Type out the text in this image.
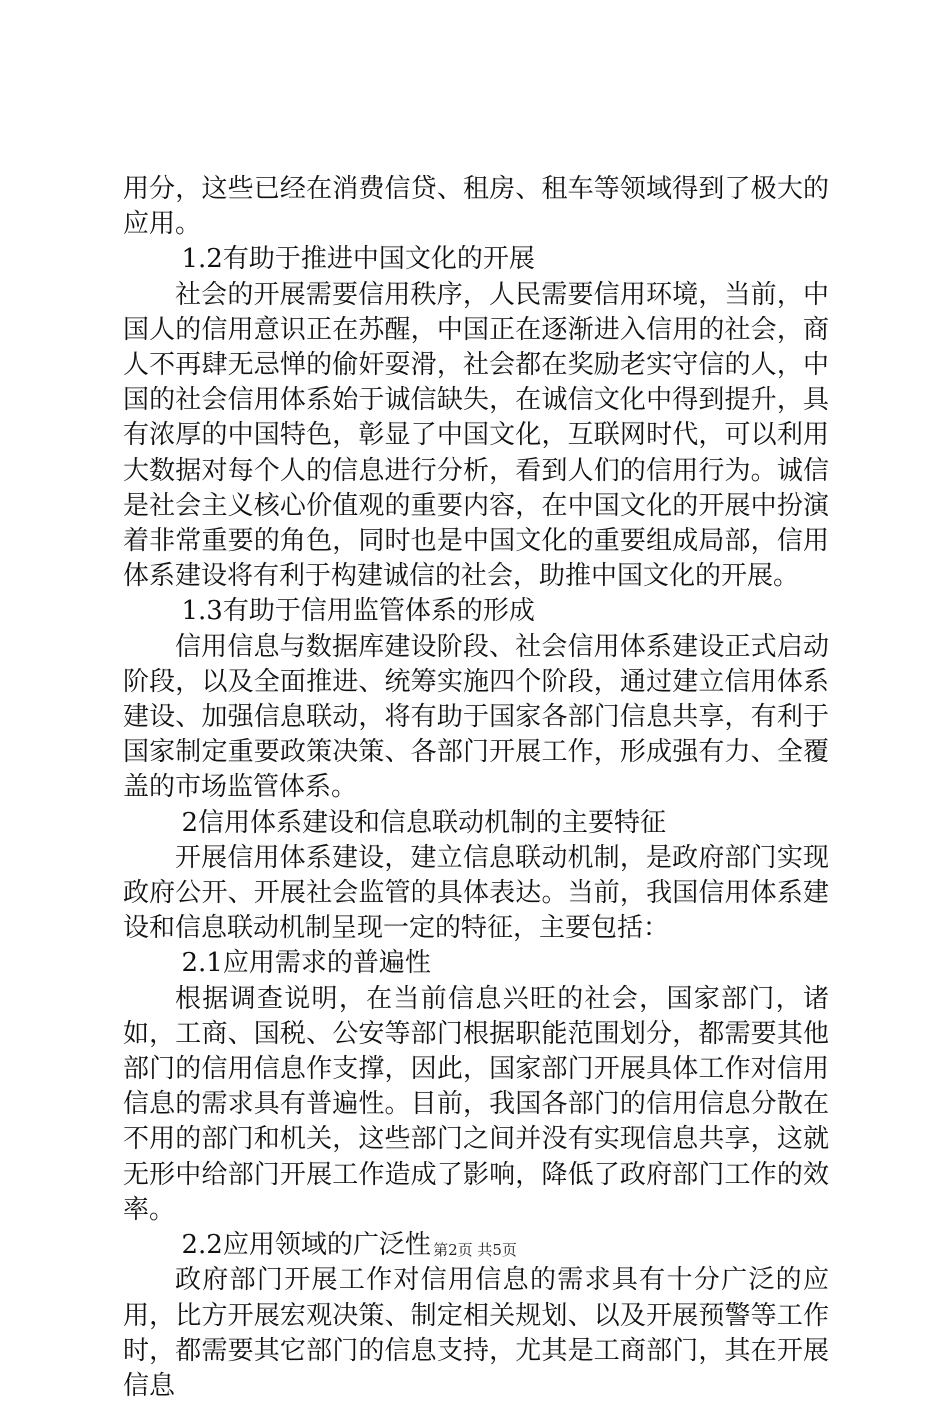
用分，这些已经在消费信贷、租房、租车等领域得到了极大的应用。

1.2有助于推进中国文化的开展

社会的开展需要信用秩序，人民需要信用环境，当前，中国人的信用意识正在苏醒，中国正在逐渐进入信用的社会，商人不再肆无忌惮的偷奸耍滑，社会都在奖励老实守信的人，中国的社会信用体系始于诚信缺失，在诚信文化中得到提升，具有浓厚的中国特色，彰显了中国文化，互联网时代，可以利用大数据对每个人的信息进行分析，看到人们的信用行为。诚信是社会主义核心价值观的重要内容，在中国文化的开展中扮演着非常重要的角色，同时也是中国文化的重要组成局部，信用体系建设将有利于构建诚信的社会，助推中国文化的开展。

1.3有助于信用监管体系的形成

信用信息与数据库建设阶段、社会信用体系建设正式启动阶段，以及全面推进、统筹实施四个阶段，通过建立信用体系建设、加强信息联动，将有助于国家各部门信息共享，有利于国家制定重要政策决策、各部门开展工作，形成强有力、全覆盖的市场监管体系。

2信用体系建设和信息联动机制的主要特征

开展信用体系建设，建立信息联动机制，是政府部门实现政府公开、开展社会监管的具体表达。当前，我国信用体系建设和信息联动机制呈现一定的特征，主要包括：

2.1应用需求的普遍性

根据调查说明，在当前信息兴旺的社会，国家部门，诸如，工商、国税、公安等部门根据职能范围划分，都需要其他部门的信用信息作支撑，因此，国家部门开展具体工作对信用信息的需求具有普遍性。目前，我国各部门的信用信息分散在不用的部门和机关，这些部门之间并没有实现信息共享，这就无形中给部门开展工作造成了影响，降低了政府部门工作的效率。

2.2应用领域的广泛性

政府部门开展工作对信用信息的需求具有十分广泛的应用，比方开展宏观决策、制定相关规划、以及开展预警等工作时，都需要其它部门的信息支持，尤其是工商部门，其在开展信息

第2页 共5页
